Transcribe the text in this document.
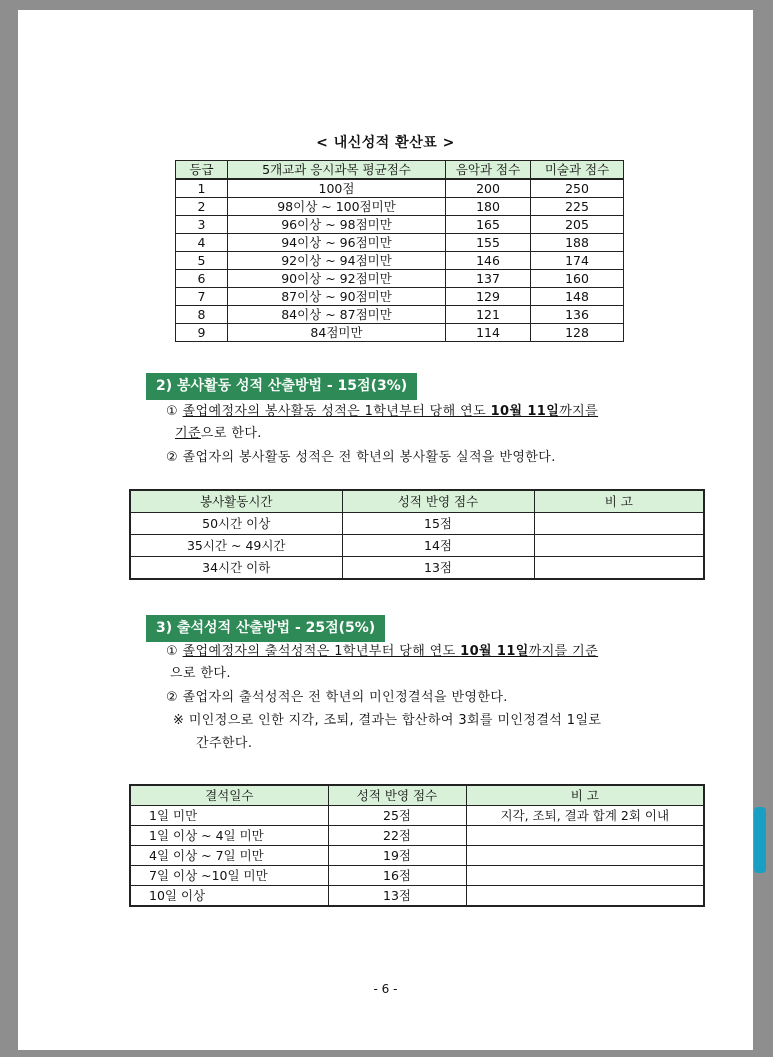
< 내신성적 환산표 >
등급	5개교과 응시과목 평균점수	음악과 점수	미술과 점수
1	100점	200	250
2	98이상 ~ 100점미만	180	225
3	96이상 ~ 98점미만	165	205
4	94이상 ~ 96점미만	155	188
5	92이상 ~ 94점미만	146	174
6	90이상 ~ 92점미만	137	160
7	87이상 ~ 90점미만	129	148
8	84이상 ~ 87점미만	121	136
9	84점미만	114	128
2) 봉사활동 성적 산출방법 - 15점(3%)
① 졸업예정자의 봉사활동 성적은 1학년부터 당해 연도 10월 11일까지를
기준으로 한다.
② 졸업자의 봉사활동 성적은 전 학년의 봉사활동 실적을 반영한다.
봉사활동시간	성적 반영 점수	비 고
50시간 이상	15점	
35시간 ~ 49시간	14점	
34시간 이하	13점	
3) 출석성적 산출방법 - 25점(5%)
① 졸업예정자의 출석성적은 1학년부터 당해 연도 10월 11일까지를 기준
으로 한다.
② 졸업자의 출석성적은 전 학년의 미인정결석을 반영한다.
※ 미인정으로 인한 지각, 조퇴, 결과는 합산하여 3회를 미인정결석 1일로
간주한다.
결석일수	성적 반영 점수	비 고
1일 미만	25점	지각, 조퇴, 결과 합계 2회 이내
1일 이상 ~ 4일 미만	22점	
4일 이상 ~ 7일 미만	19점	
7일 이상 ~10일 미만	16점	
10일 이상	13점	
- 6 -
